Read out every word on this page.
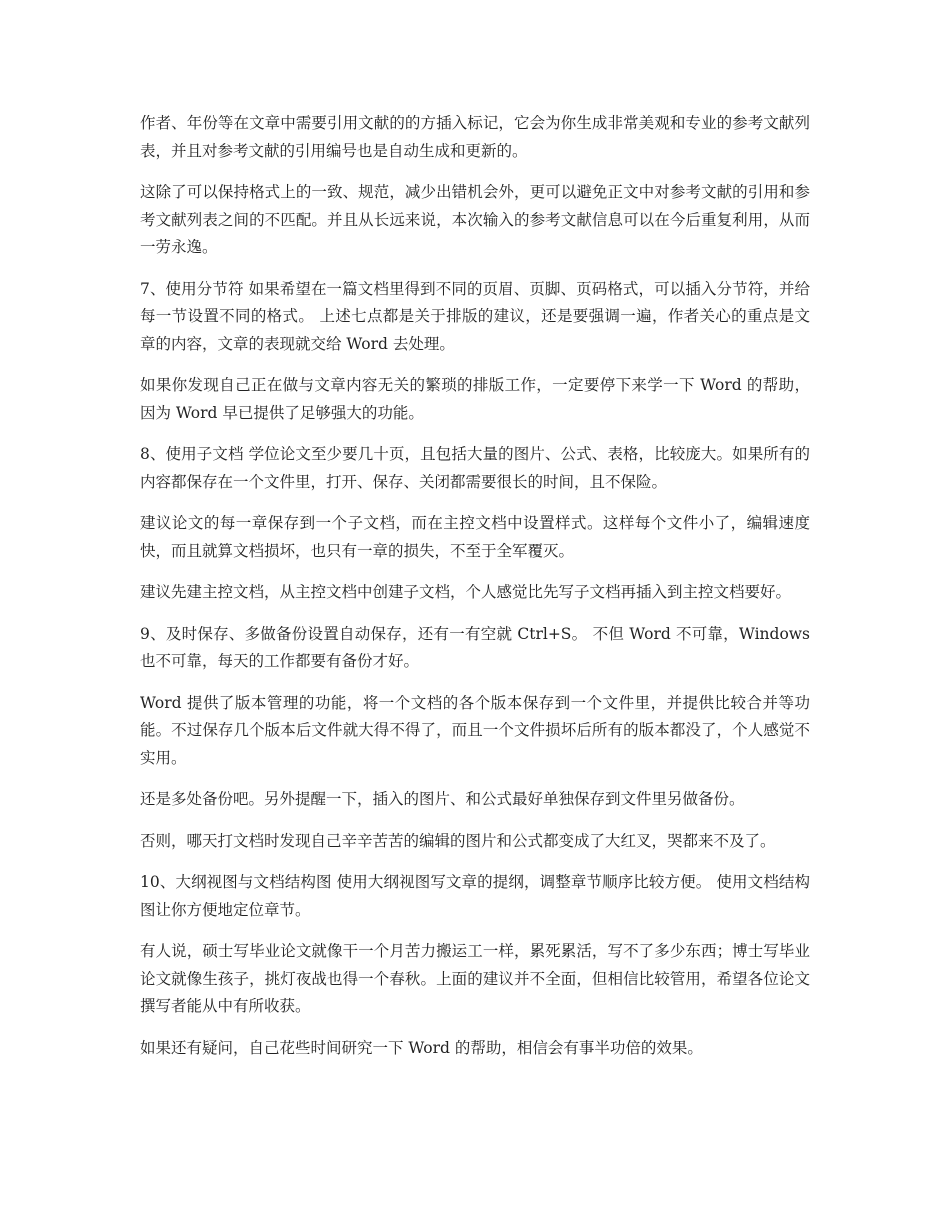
作者、年份等在文章中需要引用文献的的方插入标记，它会为你生成非常美观和专业的参考文献列表，并且对参考文献的引用编号也是自动生成和更新的。

这除了可以保持格式上的一致、规范，减少出错机会外，更可以避免正文中对参考文献的引用和参考文献列表之间的不匹配。并且从长远来说，本次输入的参考文献信息可以在今后重复利用，从而一劳永逸。

7、使用分节符 如果希望在一篇文档里得到不同的页眉、页脚、页码格式，可以插入分节符，并给每一节设置不同的格式。 上述七点都是关于排版的建议，还是要强调一遍，作者关心的重点是文章的内容，文章的表现就交给 Word 去处理。

如果你发现自己正在做与文章内容无关的繁琐的排版工作，一定要停下来学一下 Word 的帮助，因为 Word 早已提供了足够强大的功能。

8、使用子文档 学位论文至少要几十页，且包括大量的图片、公式、表格，比较庞大。如果所有的内容都保存在一个文件里，打开、保存、关闭都需要很长的时间，且不保险。

建议论文的每一章保存到一个子文档，而在主控文档中设置样式。这样每个文件小了，编辑速度快，而且就算文档损坏，也只有一章的损失，不至于全军覆灭。

建议先建主控文档，从主控文档中创建子文档，个人感觉比先写子文档再插入到主控文档要好。

9、及时保存、多做备份设置自动保存，还有一有空就 Ctrl+S。 不但 Word 不可靠，Windows 也不可靠，每天的工作都要有备份才好。

Word 提供了版本管理的功能，将一个文档的各个版本保存到一个文件里，并提供比较合并等功能。不过保存几个版本后文件就大得不得了，而且一个文件损坏后所有的版本都没了，个人感觉不实用。

还是多处备份吧。另外提醒一下，插入的图片、和公式最好单独保存到文件里另做备份。

否则，哪天打文档时发现自己辛辛苦苦的编辑的图片和公式都变成了大红叉，哭都来不及了。

10、大纲视图与文档结构图 使用大纲视图写文章的提纲，调整章节顺序比较方便。 使用文档结构图让你方便地定位章节。

有人说，硕士写毕业论文就像干一个月苦力搬运工一样，累死累活，写不了多少东西；博士写毕业论文就像生孩子，挑灯夜战也得一个春秋。上面的建议并不全面，但相信比较管用，希望各位论文撰写者能从中有所收获。

如果还有疑问，自己花些时间研究一下 Word 的帮助，相信会有事半功倍的效果。
